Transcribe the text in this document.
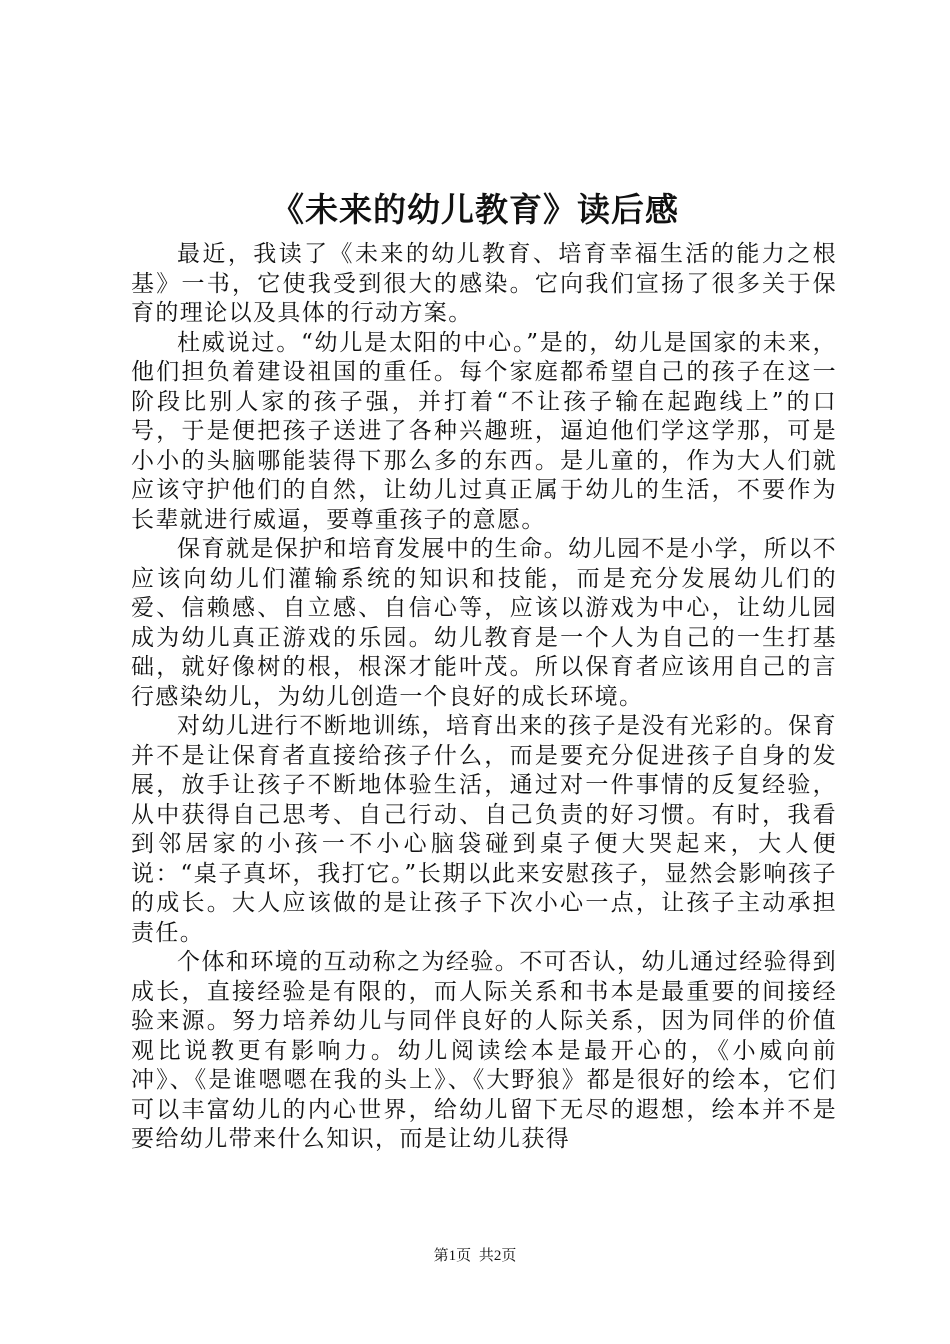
《未来的幼儿教育》读后感

最近，我读了《未来的幼儿教育、培育幸福生活的能力之根基》一书，它使我受到很大的感染。它向我们宣扬了很多关于保育的理论以及具体的行动方案。

杜威说过。“幼儿是太阳的中心。”是的，幼儿是国家的未来，他们担负着建设祖国的重任。每个家庭都希望自己的孩子在这一阶段比别人家的孩子强，并打着“不让孩子输在起跑线上”的口号，于是便把孩子送进了各种兴趣班，逼迫他们学这学那，可是小小的头脑哪能装得下那么多的东西。是儿童的，作为大人们就应该守护他们的自然，让幼儿过真正属于幼儿的生活，不要作为长辈就进行威逼，要尊重孩子的意愿。

保育就是保护和培育发展中的生命。幼儿园不是小学，所以不应该向幼儿们灌输系统的知识和技能，而是充分发展幼儿们的爱、信赖感、自立感、自信心等，应该以游戏为中心，让幼儿园成为幼儿真正游戏的乐园。幼儿教育是一个人为自己的一生打基础，就好像树的根，根深才能叶茂。所以保育者应该用自己的言行感染幼儿，为幼儿创造一个良好的成长环境。

对幼儿进行不断地训练，培育出来的孩子是没有光彩的。保育并不是让保育者直接给孩子什么，而是要充分促进孩子自身的发展，放手让孩子不断地体验生活，通过对一件事情的反复经验，从中获得自己思考、自己行动、自己负责的好习惯。有时，我看到邻居家的小孩一不小心脑袋碰到桌子便大哭起来，大人便说：“桌子真坏，我打它。”长期以此来安慰孩子，显然会影响孩子的成长。大人应该做的是让孩子下次小心一点，让孩子主动承担责任。

个体和环境的互动称之为经验。不可否认，幼儿通过经验得到成长，直接经验是有限的，而人际关系和书本是最重要的间接经验来源。努力培养幼儿与同伴良好的人际关系，因为同伴的价值观比说教更有影响力。幼儿阅读绘本是最开心的，《小威向前冲》、《是谁嗯嗯在我的头上》、《大野狼》都是很好的绘本，它们可以丰富幼儿的内心世界，给幼儿留下无尽的遐想，绘本并不是要给幼儿带来什么知识，而是让幼儿获得

第1页 共2页
